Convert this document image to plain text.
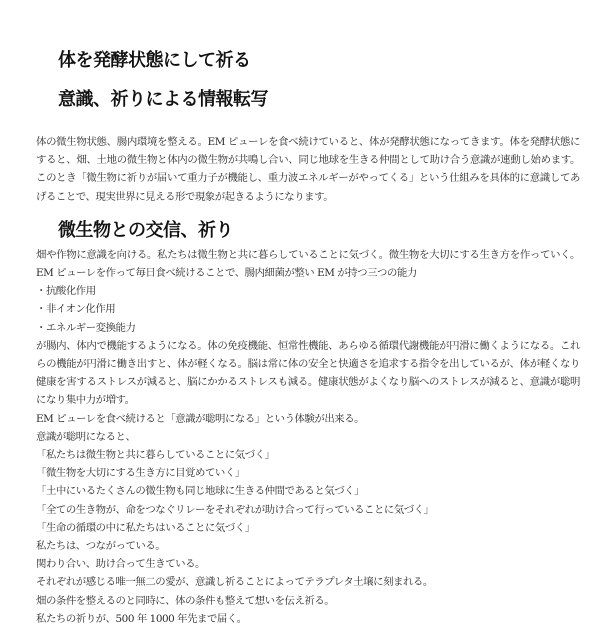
体を発酵状態にして祈る
意識、祈りによる情報転写

体の微生物状態、腸内環境を整える。EM ピューレを食べ続けていると、体が発酵状態になってきます。体を発酵状態にすると、畑、土地の微生物と体内の微生物が共鳴し合い、同じ地球を生きる仲間として助け合う意識が連動し始めます。このとき「微生物に祈りが届いて重力子が機能し、重力波エネルギーがやってくる」という仕組みを具体的に意識してあげることで、現実世界に見える形で現象が起きるようになります。

微生物との交信、祈り

畑や作物に意識を向ける。私たちは微生物と共に暮らしていることに気づく。微生物を大切にする生き方を作っていく。EM ピューレを作って毎日食べ続けることで、腸内細菌が整い EM が持つ三つの能力

・抗酸化作用
・非イオン化作用
・エネルギー変換能力

が腸内、体内で機能するようになる。体の免疫機能、恒常性機能、あらゆる循環代謝機能が円滑に働くようになる。これらの機能が円滑に働き出すと、体が軽くなる。脳は常に体の安全と快適さを追求する指令を出しているが、体が軽くなり健康を害するストレスが減ると、脳にかかるストレスも減る。健康状態がよくなり脳へのストレスが減ると、意識が聡明になり集中力が増す。

EM ピューレを食べ続けると「意識が聡明になる」という体験が出来る。

意識が聡明になると、

「私たちは微生物と共に暮らしていることに気づく」

「微生物を大切にする生き方に目覚めていく」

「土中にいるたくさんの微生物も同じ地球に生きる仲間であると気づく」

「全ての生き物が、命をつなぐリレーをそれぞれが助け合って行っていることに気づく」

「生命の循環の中に私たちはいることに気づく」

私たちは、つながっている。

関わり合い、助け合って生きている。

それぞれが感じる唯一無二の愛が、意識し祈ることによってテラプレタ土壌に刻まれる。

畑の条件を整えるのと同時に、体の条件も整えて想いを伝え祈る。

私たちの祈りが、500 年 1000 年先まで届く。
